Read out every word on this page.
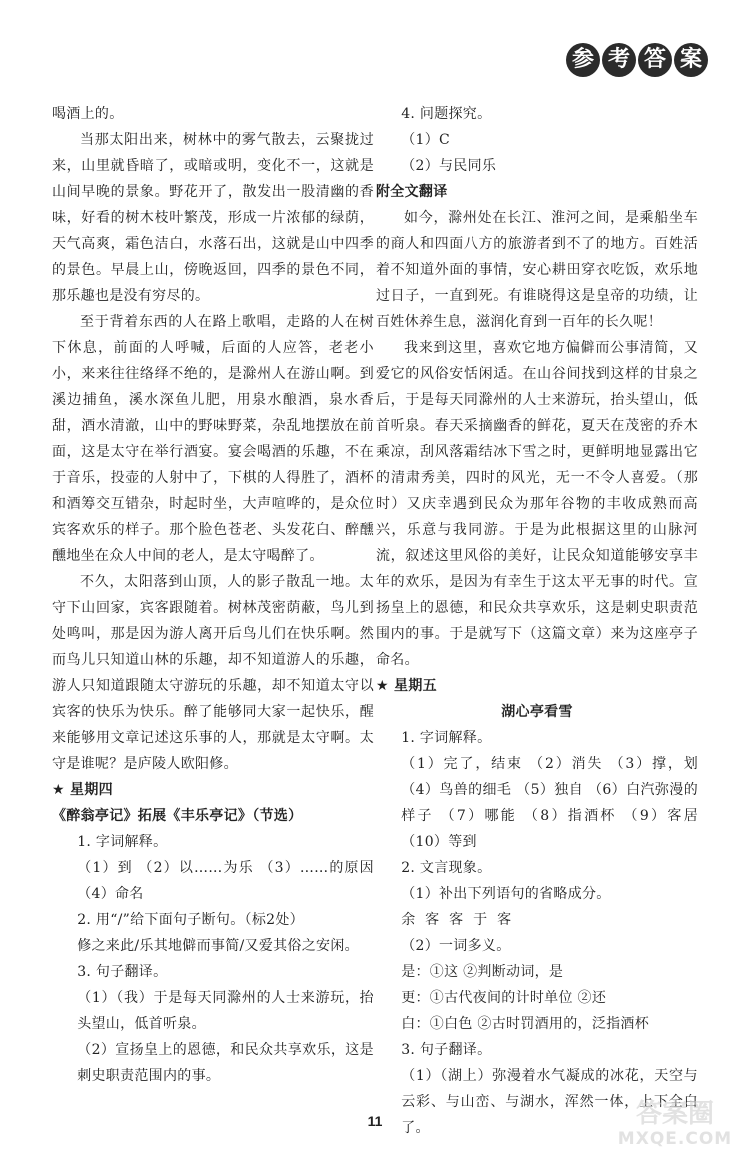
参 考 答 案

喝酒上的。

当那太阳出来，树林中的雾气散去，云聚拢过来，山里就昏暗了，或暗或明，变化不一，这就是山间早晚的景象。野花开了，散发出一股清幽的香味，好看的树木枝叶繁茂，形成一片浓郁的绿荫，天气高爽，霜色洁白，水落石出，这就是山中四季的景色。早晨上山，傍晚返回，四季的景色不同，那乐趣也是没有穷尽的。

至于背着东西的人在路上歌唱，走路的人在树下休息，前面的人呼喊，后面的人应答，老老小小，来来往往络绎不绝的，是滁州人在游山啊。到溪边捕鱼，溪水深鱼儿肥，用泉水酿酒，泉水香甜，酒水清澈，山中的野味野菜，杂乱地摆放在前面，这是太守在举行酒宴。宴会喝酒的乐趣，不在于音乐，投壶的人射中了，下棋的人得胜了，酒杯和酒筹交互错杂，时起时坐，大声喧哗的，是众位宾客欢乐的样子。那个脸色苍老、头发花白、醉醺醺地坐在众人中间的老人，是太守喝醉了。

不久，太阳落到山顶，人的影子散乱一地。太守下山回家，宾客跟随着。树林茂密荫蔽，鸟儿到处鸣叫，那是因为游人离开后鸟儿们在快乐啊。然而鸟儿只知道山林的乐趣，却不知道游人的乐趣，游人只知道跟随太守游玩的乐趣，却不知道太守以宾客的快乐为快乐。醉了能够同大家一起快乐，醒来能够用文章记述这乐事的人，那就是太守啊。太守是谁呢？是庐陵人欧阳修。

★ 星期四

《醉翁亭记》拓展《丰乐亭记》（节选）

1. 字词解释。

（1）到 （2）以……为乐 （3）……的原因 （4）命名

2. 用“/”给下面句子断句。（标2处）

修之来此/乐其地僻而事简/又爱其俗之安闲。

3. 句子翻译。

（1）（我）于是每天同滁州的人士来游玩，抬头望山，低首听泉。

（2）宣扬皇上的恩德，和民众共享欢乐，这是刺史职责范围内的事。

4. 问题探究。

（1）C

（2）与民同乐

附全文翻译

如今，滁州处在长江、淮河之间，是乘船坐车的商人和四面八方的旅游者到不了的地方。百姓活着不知道外面的事情，安心耕田穿衣吃饭，欢乐地过日子，一直到死。有谁晓得这是皇帝的功绩，让百姓休养生息，滋润化育到一百年的长久呢！

我来到这里，喜欢它地方偏僻而公事清简，又爱它的风俗安恬闲适。在山谷间找到这样的甘泉之后，于是每天同滁州的人士来游玩，抬头望山，低首听泉。春天采摘幽香的鲜花，夏天在茂密的乔木乘凉，刮风落霜结冰下雪之时，更鲜明地显露出它的清肃秀美，四时的风光，无一不令人喜爱。（那时）又庆幸遇到民众为那年谷物的丰收成熟而高兴，乐意与我同游。于是为此根据这里的山脉河流，叙述这里风俗的美好，让民众知道能够安享丰年的欢乐，是因为有幸生于这太平无事的时代。宣扬皇上的恩德，和民众共享欢乐，这是刺史职责范围内的事。于是就写下（这篇文章）来为这座亭子命名。

★ 星期五

湖心亭看雪

1. 字词解释。

（1）完了，结束 （2）消失 （3）撑，划 （4）鸟兽的细毛 （5）独自 （6）白汽弥漫的样子 （7）哪能 （8）指酒杯 （9）客居 （10）等到

2. 文言现象。

（1）补出下列语句的省略成分。

余客客于客

（2）一词多义。

是：①这 ②判断动词，是

更：①古代夜间的计时单位 ②还

白：①白色 ②古时罚酒用的，泛指酒杯

3. 句子翻译。

（1）（湖上）弥漫着水气凝成的冰花，天空与云彩、与山峦、与湖水，浑然一体，上下全白了。

11	答案圈
MXQE.COM
